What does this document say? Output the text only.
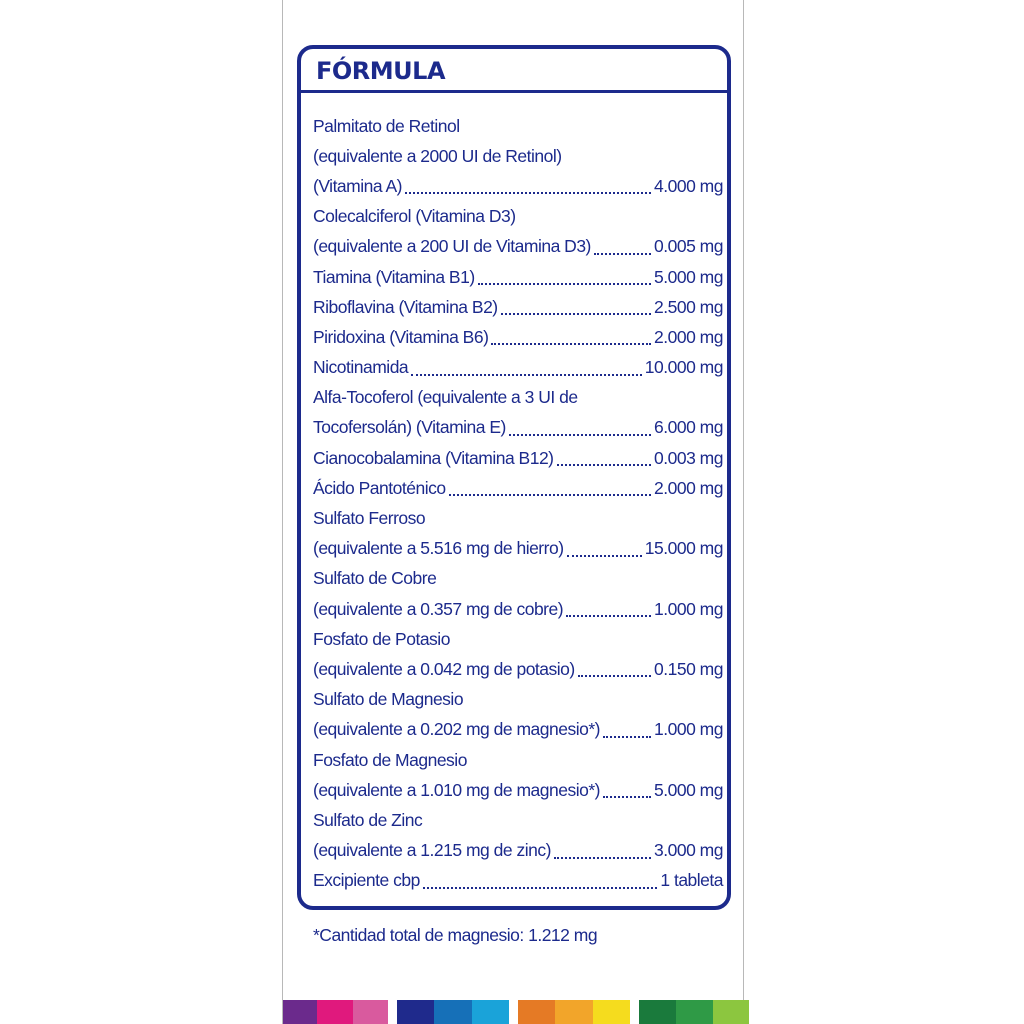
FÓRMULA
Palmitato de Retinol
(equivalente a 2000 UI de Retinol)
(Vitamina A)	4.000 mg
Colecalciferol (Vitamina D3)
(equivalente a 200 UI de Vitamina D3)	0.005 mg
Tiamina (Vitamina B1)	5.000 mg
Riboflavina (Vitamina B2)	2.500 mg
Piridoxina (Vitamina B6)	2.000 mg
Nicotinamida	10.000 mg
Alfa-Tocoferol (equivalente a 3 UI de
Tocofersolán) (Vitamina E)	6.000 mg
Cianocobalamina (Vitamina B12)	0.003 mg
Ácido Pantoténico	2.000 mg
Sulfato Ferroso
(equivalente a 5.516 mg de hierro)	15.000 mg
Sulfato de Cobre
(equivalente a 0.357 mg de cobre)	1.000 mg
Fosfato de Potasio
(equivalente a 0.042 mg de potasio)	0.150 mg
Sulfato de Magnesio
(equivalente a 0.202 mg de magnesio*)	1.000 mg
Fosfato de Magnesio
(equivalente a 1.010 mg de magnesio*)	5.000 mg
Sulfato de Zinc
(equivalente a 1.215 mg de zinc)	3.000 mg
Excipiente cbp	1 tableta
*Cantidad total de magnesio: 1.212 mg
